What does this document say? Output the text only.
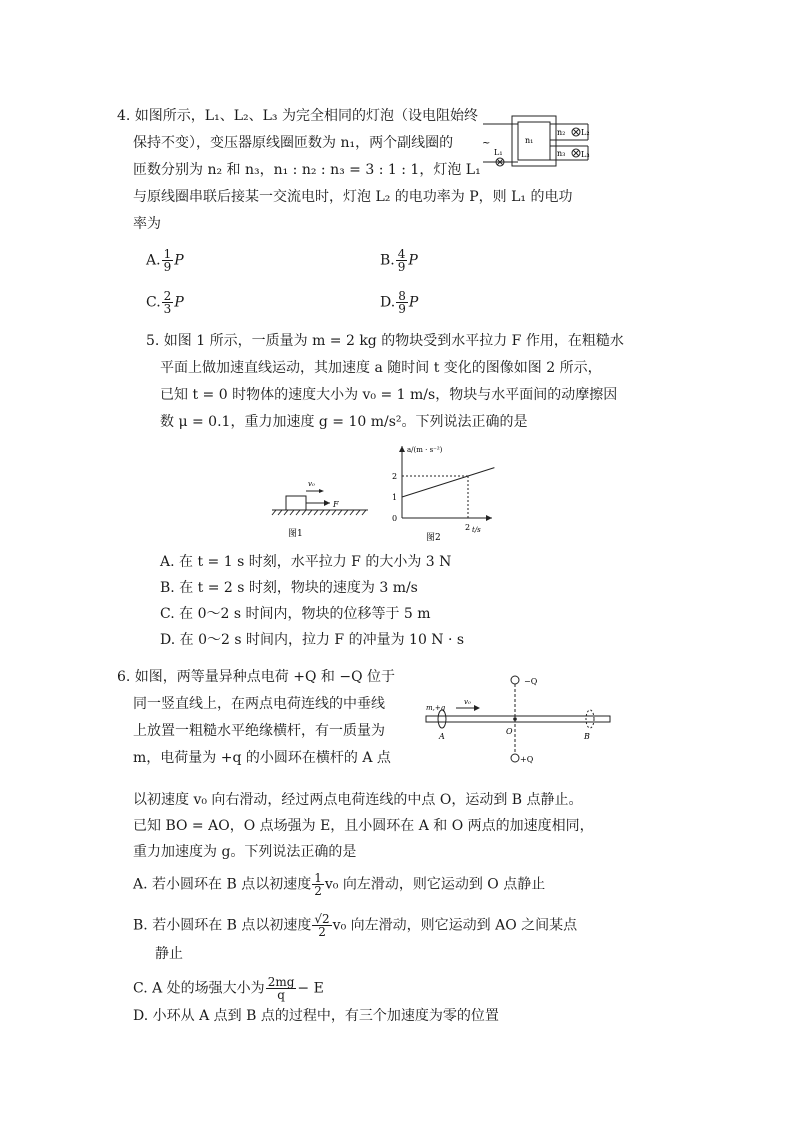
4. 如图所示，L₁、L₂、L₃ 为完全相同的灯泡（设电阻始终
保持不变），变压器原线圈匝数为 n₁，两个副线圈的
匝数分别为 n₂ 和 n₃，n₁ : n₂ : n₃ = 3 : 1 : 1，灯泡 L₁
与原线圈串联后接某一交流电时，灯泡 L₂ 的电功率为 P，则 L₁ 的电功
率为
A. $\frac{1}{9}$ P	B. $\frac{4}{9}$ P
C. $\frac{2}{3}$ P	D. $\frac{8}{9}$ P
~	n₁
n₂
n₃
L₁
L₂
L₃
5. 如图 1 所示，一质量为 m = 2 kg 的物块受到水平拉力 F 作用，在粗糙水
平面上做加速直线运动，其加速度 a 随时间 t 变化的图像如图 2 所示，
已知 t = 0 时物体的速度大小为 v₀ = 1 m/s，物块与水平面间的动摩擦因
数 μ = 0.1，重力加速度 g = 10 m/s²。下列说法正确的是
v₀
F
图1
a/(m · s⁻²)
t/s
2
1
2
0
图2
A. 在 t = 1 s 时刻，水平拉力 F 的大小为 3 N
B. 在 t = 2 s 时刻，物块的速度为 3 m/s
C. 在 0～2 s 时间内，物块的位移等于 5 m
D. 在 0～2 s 时间内，拉力 F 的冲量为 10 N · s
6. 如图，两等量异种点电荷 +Q 和 −Q 位于
同一竖直线上，在两点电荷连线的中垂线
上放置一粗糙水平绝缘横杆，有一质量为
m，电荷量为 +q 的小圆环在横杆的 A 点
以初速度 v₀ 向右滑动，经过两点电荷连线的中点 O，运动到 B 点静止。
已知 BO = AO，O 点场强为 E，且小圆环在 A 和 O 两点的加速度相同，
重力加速度为 g。下列说法正确的是
−Q
+Q
m,+q
v₀
A
O
B
A. 若小圆环在 B 点以初速度 $\frac{1}{2} v_0$ 向左滑动，则它运动到 O 点静止
B. 若小圆环在 B 点以初速度 $\frac{√2}{2} v_0$ 向左滑动，则它运动到 AO 之间某点
静止
C. A 处的场强大小为 $\frac{2mg}{q} - E$
D. 小环从 A 点到 B 点的过程中，有三个加速度为零的位置
